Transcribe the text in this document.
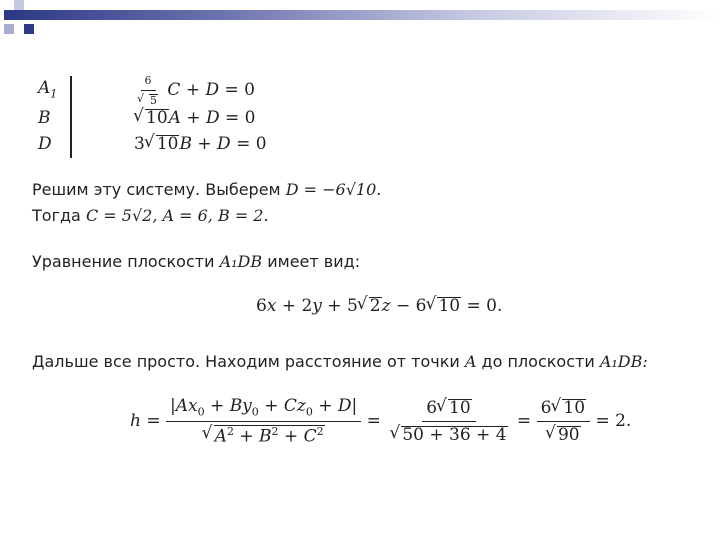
$A_1$
B
D
6
√ 5 C + D = 0
√ 10A + D = 0
3√ 10B + D = 0
Решим эту систему. Выберем D = −6√10.
Тогда C = 5√2, A = 6, B = 2.
Уравнение плоскости A₁DB имеет вид:
6x + 2y + 5√ 2z − 6√ 10 = 0.
Дальше все просто. Находим расстояние от точки A до плоскости A₁DB:
$h = |Ax_0 + By_0 + Cz_0 + D|$
√ $A^2 + B^2 + C^2 = 6√$ 10
√ 50 + 36 + 4 = 6√ 10
√ 90 = 2.
